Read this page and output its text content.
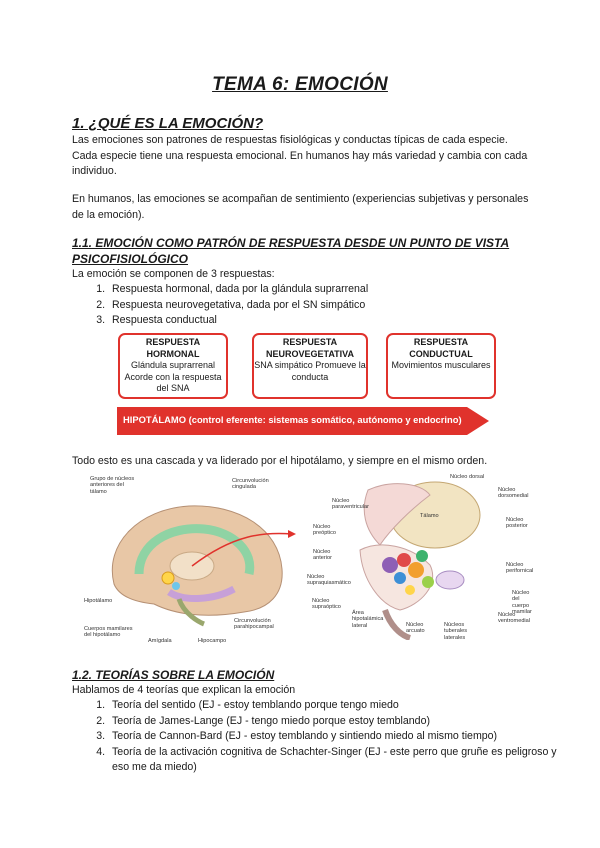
TEMA 6: EMOCIÓN
1. ¿QUÉ ES LA EMOCIÓN?

Las emociones son patrones de respuestas fisiológicas y conductas típicas de cada especie. Cada especie tiene una respuesta emocional. En humanos hay más variedad y cambia con cada individuo.

En humanos, las emociones se acompañan de sentimiento (experiencias subjetivas y personales de la emoción).

1.1. EMOCIÓN COMO PATRÓN DE RESPUESTA DESDE UN PUNTO DE VISTA PSICOFISIOLÓGICO

La emoción se componen de 3 respuestas:

1. Respuesta hormonal, dada por la glándula suprarrenal
2. Respuesta neurovegetativa, dada por el SN simpático
3. Respuesta conductual
RESPUESTA HORMONAL
Glándula suprarrenal Acorde con la respuesta del SNA
RESPUESTA NEUROVEGETATIVA
SNA simpático Promueve la conducta
RESPUESTA CONDUCTUAL
Movimientos musculares
HIPOTÁLAMO (control eferente: sistemas somático, autónomo y endocrino)

Todo esto es una cascada y va liderado por el hipotálamo, y siempre en el mismo orden.

Grupo de núcleos anteriores del tálamo
Circunvolución cingulada
Hipotálamo
Cuerpos mamilares del hipotálamo
Amígdala
Circunvolución parahipocampal
Hipocampo
Núcleo dorsal
Núcleo paraventricular
Núcleo dorsomedial
Tálamo
Núcleo preóptico
Núcleo anterior
Núcleo posterior
Núcleo supraquiasmático
Núcleo perifornical
Núcleo del cuerpo mamilar
Núcleo supraóptico
Núcleo ventromedial
Área hipotalámica lateral	Núcleo arcuato
Núcleos tuberales laterales
1.2. TEORÍAS SOBRE LA EMOCIÓN

Hablamos de 4 teorías que explican la emoción

1. Teoría del sentido (EJ - estoy temblando porque tengo miedo
2. Teoría de James-Lange (EJ - tengo miedo porque estoy temblando)
3. Teoría de Cannon-Bard (EJ - estoy temblando y sintiendo miedo al mismo tiempo)
4. Teoría de la activación cognitiva de Schachter-Singer (EJ - este perro que gruñe es peligroso y eso me da miedo)
